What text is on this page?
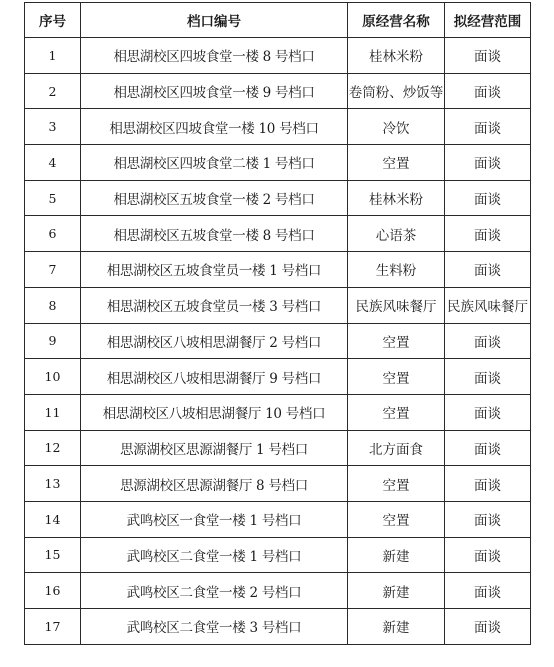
序号	档口编号	原经营名称	拟经营范围
1	相思湖校区四坡食堂一楼 8 号档口	桂林米粉	面谈
2	相思湖校区四坡食堂一楼 9 号档口	卷筒粉、炒饭等	面谈
3	相思湖校区四坡食堂一楼 10 号档口	冷饮	面谈
4	相思湖校区四坡食堂二楼 1 号档口	空置	面谈
5	相思湖校区五坡食堂一楼 2 号档口	桂林米粉	面谈
6	相思湖校区五坡食堂一楼 8 号档口	心语茶	面谈
7	相思湖校区五坡食堂员一楼 1 号档口	生料粉	面谈
8	相思湖校区五坡食堂员一楼 3 号档口	民族风味餐厅	民族风味餐厅
9	相思湖校区八坡相思湖餐厅 2 号档口	空置	面谈
10	相思湖校区八坡相思湖餐厅 9 号档口	空置	面谈
11	相思湖校区八坡相思湖餐厅 10 号档口	空置	面谈
12	思源湖校区思源湖餐厅 1 号档口	北方面食	面谈
13	思源湖校区思源湖餐厅 8 号档口	空置	面谈
14	武鸣校区一食堂一楼 1 号档口	空置	面谈
15	武鸣校区二食堂一楼 1 号档口	新建	面谈
16	武鸣校区二食堂一楼 2 号档口	新建	面谈
17	武鸣校区二食堂一楼 3 号档口	新建	面谈
